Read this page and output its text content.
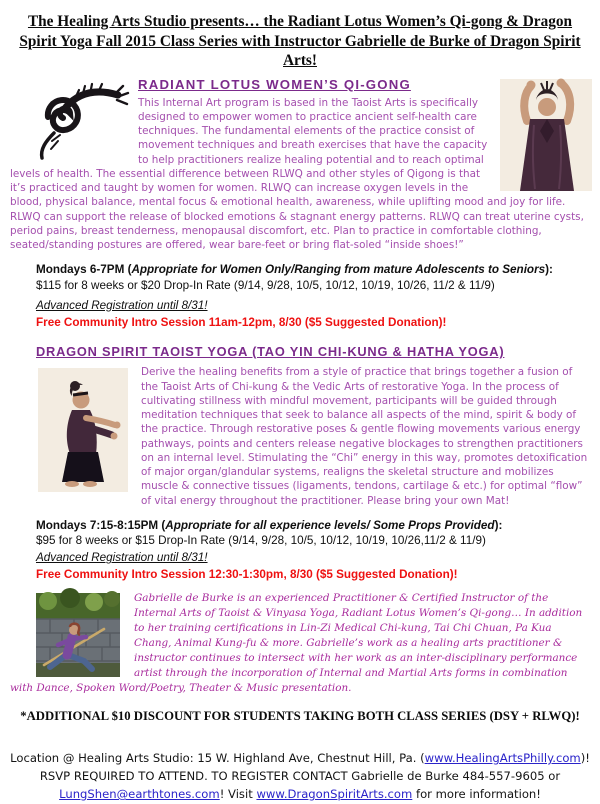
The Healing Arts Studio presents… the Radiant Lotus Women’s Qi-gong & Dragon Spirit Yoga Fall 2015 Class Series with Instructor Gabrielle de Burke of Dragon Spirit Arts!
RADIANT LOTUS WOMEN’S QI-GONG
This Internal Art program is based in the Taoist Arts is specifically designed to empower women to practice ancient self-health care techniques. The fundamental elements of the practice consist of movement techniques and breath exercises that have the capacity to help practitioners realize healing potential and to reach optimal levels of health. The essential difference between RLWQ and other styles of Qigong is that it’s practiced and taught by women for women. RLWQ can increase oxygen levels in the blood, physical balance, mental focus & emotional health, awareness, while uplifting mood and joy for life. RLWQ can support the release of blocked emotions & stagnant energy patterns. RLWQ can treat uterine cysts, period pains, breast tenderness, menopausal discomfort, etc. Plan to practice in comfortable clothing, seated/standing postures are offered, wear bare-feet or bring flat-soled “inside shoes!”
Mondays 6-7PM (Appropriate for Women Only/Ranging from mature Adolescents to Seniors):
$115 for 8 weeks or $20 Drop-In Rate (9/14, 9/28, 10/5, 10/12, 10/19, 10/26, 11/2 & 11/9)
Advanced Registration until 8/31!
Free Community Intro Session 11am-12pm, 8/30 ($5 Suggested Donation)!
DRAGON SPIRIT TAOIST YOGA (TAO YIN CHI-KUNG & HATHA YOGA)
Derive the healing benefits from a style of practice that brings together a fusion of the Taoist Arts of Chi-kung & the Vedic Arts of restorative Yoga. In the process of cultivating stillness with mindful movement, participants will be guided through meditation techniques that seek to balance all aspects of the mind, spirit & body of the practice. Through restorative poses & gentle flowing movements various energy pathways, points and centers release negative blockages to strengthen practitioners on an internal level. Stimulating the “Chi” energy in this way, promotes detoxification of major organ/glandular systems, realigns the skeletal structure and mobilizes muscle & connective tissues (ligaments, tendons, cartilage & etc.) for optimal “flow” of vital energy throughout the practitioner. Please bring your own Mat!
Mondays 7:15-8:15PM (Appropriate for all experience levels/ Some Props Provided):
$95 for 8 weeks or $15 Drop-In Rate (9/14, 9/28, 10/5, 10/12, 10/19, 10/26,11/2 & 11/9)
Advanced Registration until 8/31!
Free Community Intro Session 12:30-1:30pm, 8/30 ($5 Suggested Donation)!
Gabrielle de Burke is an experienced Practitioner & Certified Instructor of the Internal Arts of Taoist & Vinyasa Yoga, Radiant Lotus Women’s Qi-gong… In addition to her training certifications in Lin-Zi Medical Chi-kung, Tai Chi Chuan, Pa Kua Chang, Animal Kung-fu & more. Gabrielle’s work as a healing arts practitioner & instructor continues to intersect with her work as an inter-disciplinary performance artist through the incorporation of Internal and Martial Arts forms in combination with Dance, Spoken Word/Poetry, Theater & Music presentation.
*ADDITIONAL $10 DISCOUNT FOR STUDENTS TAKING BOTH CLASS SERIES (DSY + RLWQ)!
Location @ Healing Arts Studio: 15 W. Highland Ave, Chestnut Hill, Pa. (www.HealingArtsPhilly.com)!
RSVP REQUIRED TO ATTEND. TO REGISTER CONTACT Gabrielle de Burke 484-557-9605 or
LungShen@earthtones.com! Visit www.DragonSpiritArts.com for more information!
